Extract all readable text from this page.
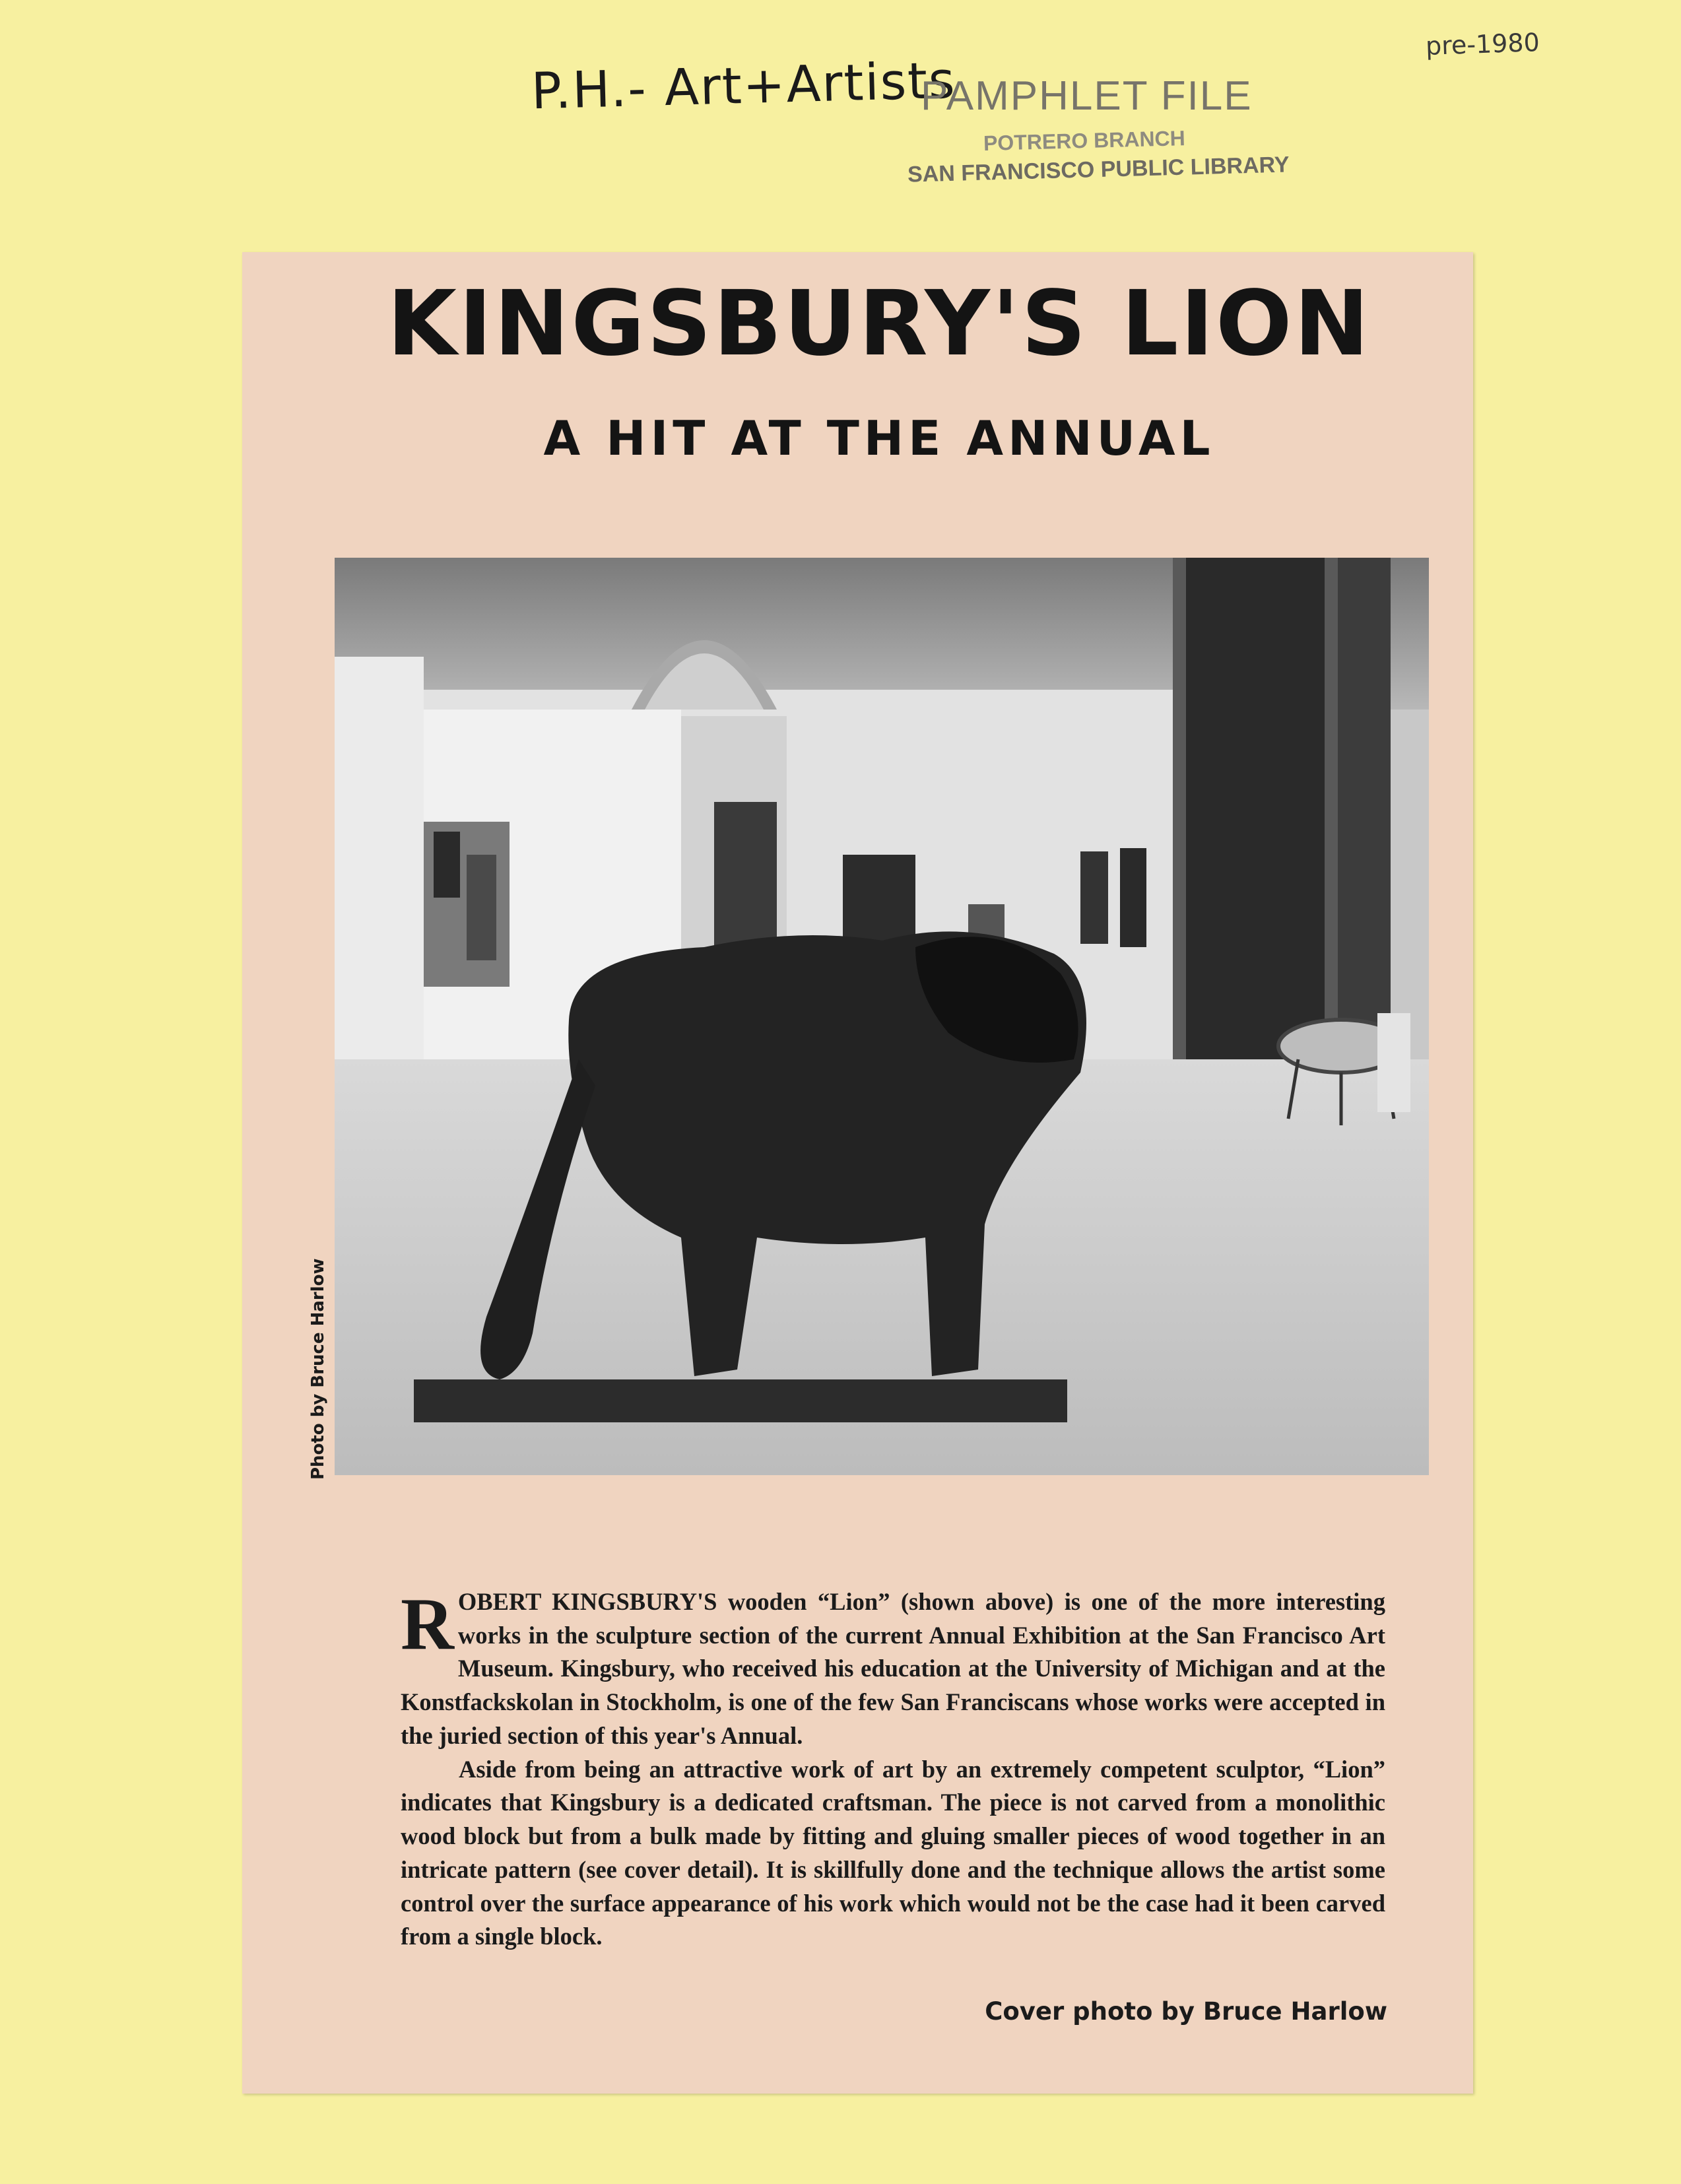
P.H.- Art+Artists
pre-1980
PAMPHLET FILE
POTRERO BRANCH
SAN FRANCISCO PUBLIC LIBRARY
KINGSBURY'S LION
A HIT AT THE ANNUAL
Photo by Bruce Harlow

ROBERT KINGSBURY'S wooden “Lion” (shown above) is one of the more interesting works in the sculpture section of the current Annual Exhibition at the San Francisco Art Museum. Kingsbury, who received his education at the University of Michigan and at the Konstfackskolan in Stockholm, is one of the few San Franciscans whose works were accepted in the juried section of this year's Annual.

Aside from being an attractive work of art by an extremely competent sculptor, “Lion” indicates that Kingsbury is a dedicated craftsman. The piece is not carved from a monolithic wood block but from a bulk made by fitting and gluing smaller pieces of wood together in an intricate pattern (see cover detail). It is skillfully done and the technique allows the artist some control over the surface appearance of his work which would not be the case had it been carved from a single block.

Cover photo by Bruce Harlow
